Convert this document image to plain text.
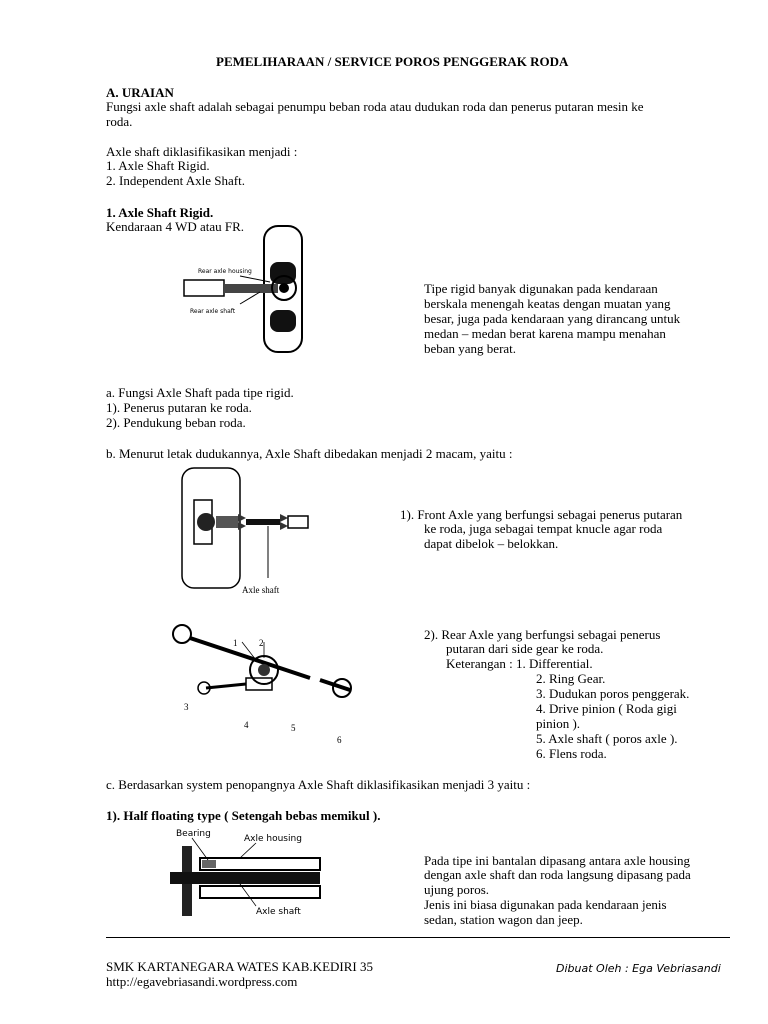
PEMELIHARAAN / SERVICE POROS PENGGERAK RODA
A. URAIAN
Fungsi axle shaft adalah sebagai penumpu beban roda atau dudukan roda dan penerus putaran mesin ke
roda.
Axle shaft diklasifikasikan menjadi :
1. Axle Shaft Rigid.
2. Independent Axle Shaft.
1. Axle Shaft Rigid.
Kendaraan 4 WD atau FR.
Rear axle housing
Rear axle shaft
Tipe rigid banyak digunakan pada kendaraan
berskala menengah keatas dengan muatan yang
besar, juga pada kendaraan yang dirancang untuk
medan – medan berat karena mampu menahan
beban yang berat.
a. Fungsi Axle Shaft pada tipe rigid.
1). Penerus putaran ke roda.
2). Pendukung beban roda.
b. Menurut letak dudukannya, Axle Shaft dibedakan menjadi 2 macam, yaitu :
Axle shaft
1). Front Axle yang berfungsi sebagai penerus putaran
ke roda, juga sebagai tempat knucle agar roda
dapat dibelok – belokkan.
1 2
3
4	5
6
2). Rear Axle yang berfungsi sebagai penerus
putaran dari side gear ke roda.
Keterangan : 1. Differential.
2. Ring Gear.
3. Dudukan poros penggerak.
4. Drive pinion ( Roda gigi
pinion ).
5. Axle shaft ( poros axle ).
6. Flens roda.
c. Berdasarkan system penopangnya Axle Shaft diklasifikasikan menjadi 3 yaitu :
1). Half floating type ( Setengah bebas memikul ).
Bearing	Axle housing
Axle shaft
Pada tipe ini bantalan dipasang antara axle housing
dengan axle shaft dan roda langsung dipasang pada
ujung poros.
Jenis ini biasa digunakan pada kendaraan jenis
sedan, station wagon dan jeep.
SMK KARTANEGARA WATES KAB.KEDIRI 35
http://egavebriasandi.wordpress.com
Dibuat Oleh : Ega Vebriasandi
